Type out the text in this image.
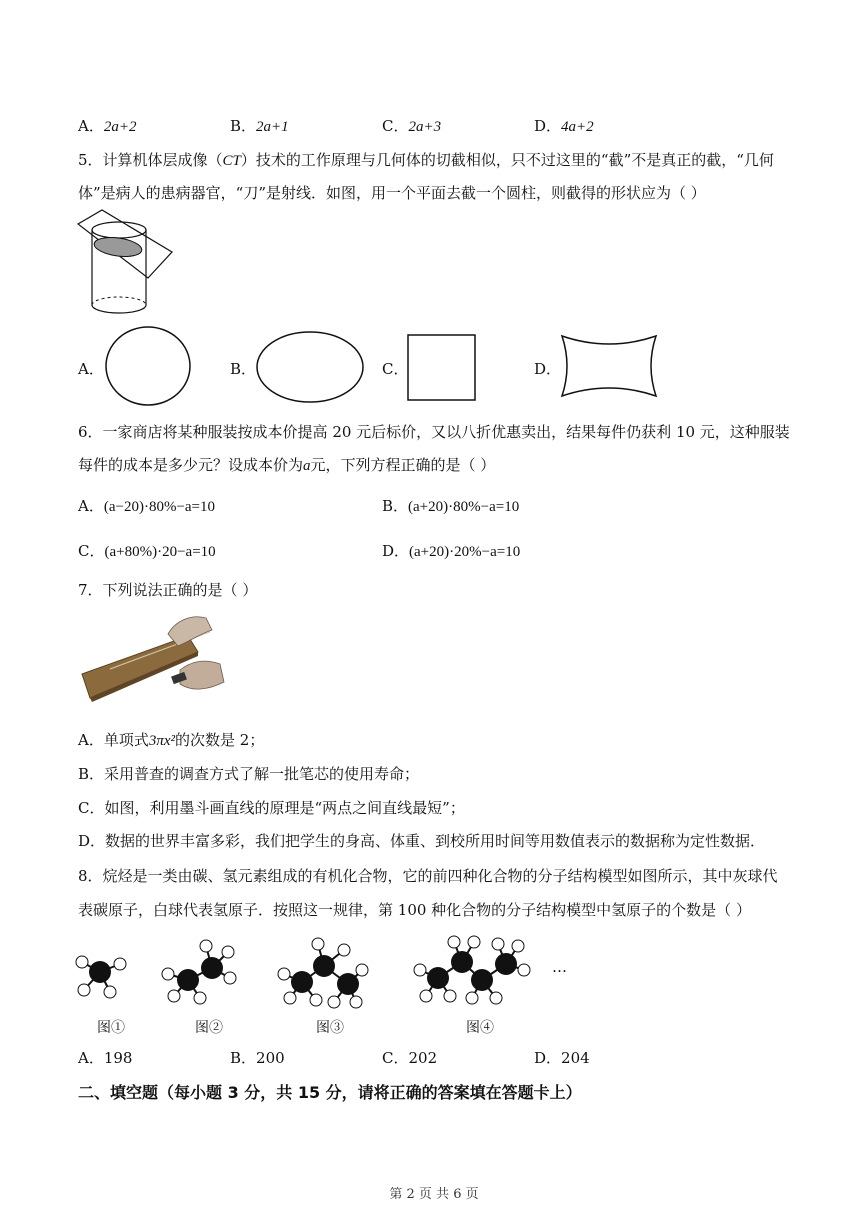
A．2a+2	B．2a+1	C．2a+3	D．4a+2
5．计算机体层成像（CT）技术的工作原理与几何体的切截相似，只不过这里的“截”不是真正的截，“几何
体”是病人的患病器官，“刀”是射线．如图，用一个平面去截一个圆柱，则截得的形状应为（ ）
A．	B．	C．	D．
6．一家商店将某种服装按成本价提高 20 元后标价，又以八折优惠卖出，结果每件仍获利 10 元，这种服装
每件的成本是多少元？设成本价为a元，下列方程正确的是（ ）
A．(a−20)·80%−a=10	B．(a+20)·80%−a=10
C．(a+80%)·20−a=10	D．(a+20)·20%−a=10
7．下列说法正确的是（ ）
A．单项式3πx²的次数是 2；
B．采用普查的调查方式了解一批笔芯的使用寿命；
C．如图，利用墨斗画直线的原理是“两点之间直线最短”；
D．数据的世界丰富多彩，我们把学生的身高、体重、到校所用时间等用数值表示的数据称为定性数据．
8．烷烃是一类由碳、氢元素组成的有机化合物，它的前四种化合物的分子结构模型如图所示，其中灰球代
表碳原子，白球代表氢原子．按照这一规律，第 100 种化合物的分子结构模型中氢原子的个数是（ ）
…
图①	图②	图③	图④
A．198	B．200	C．202	D．204
二、填空题（每小题 3 分，共 15 分，请将正确的答案填在答题卡上）
第 2 页 共 6 页
